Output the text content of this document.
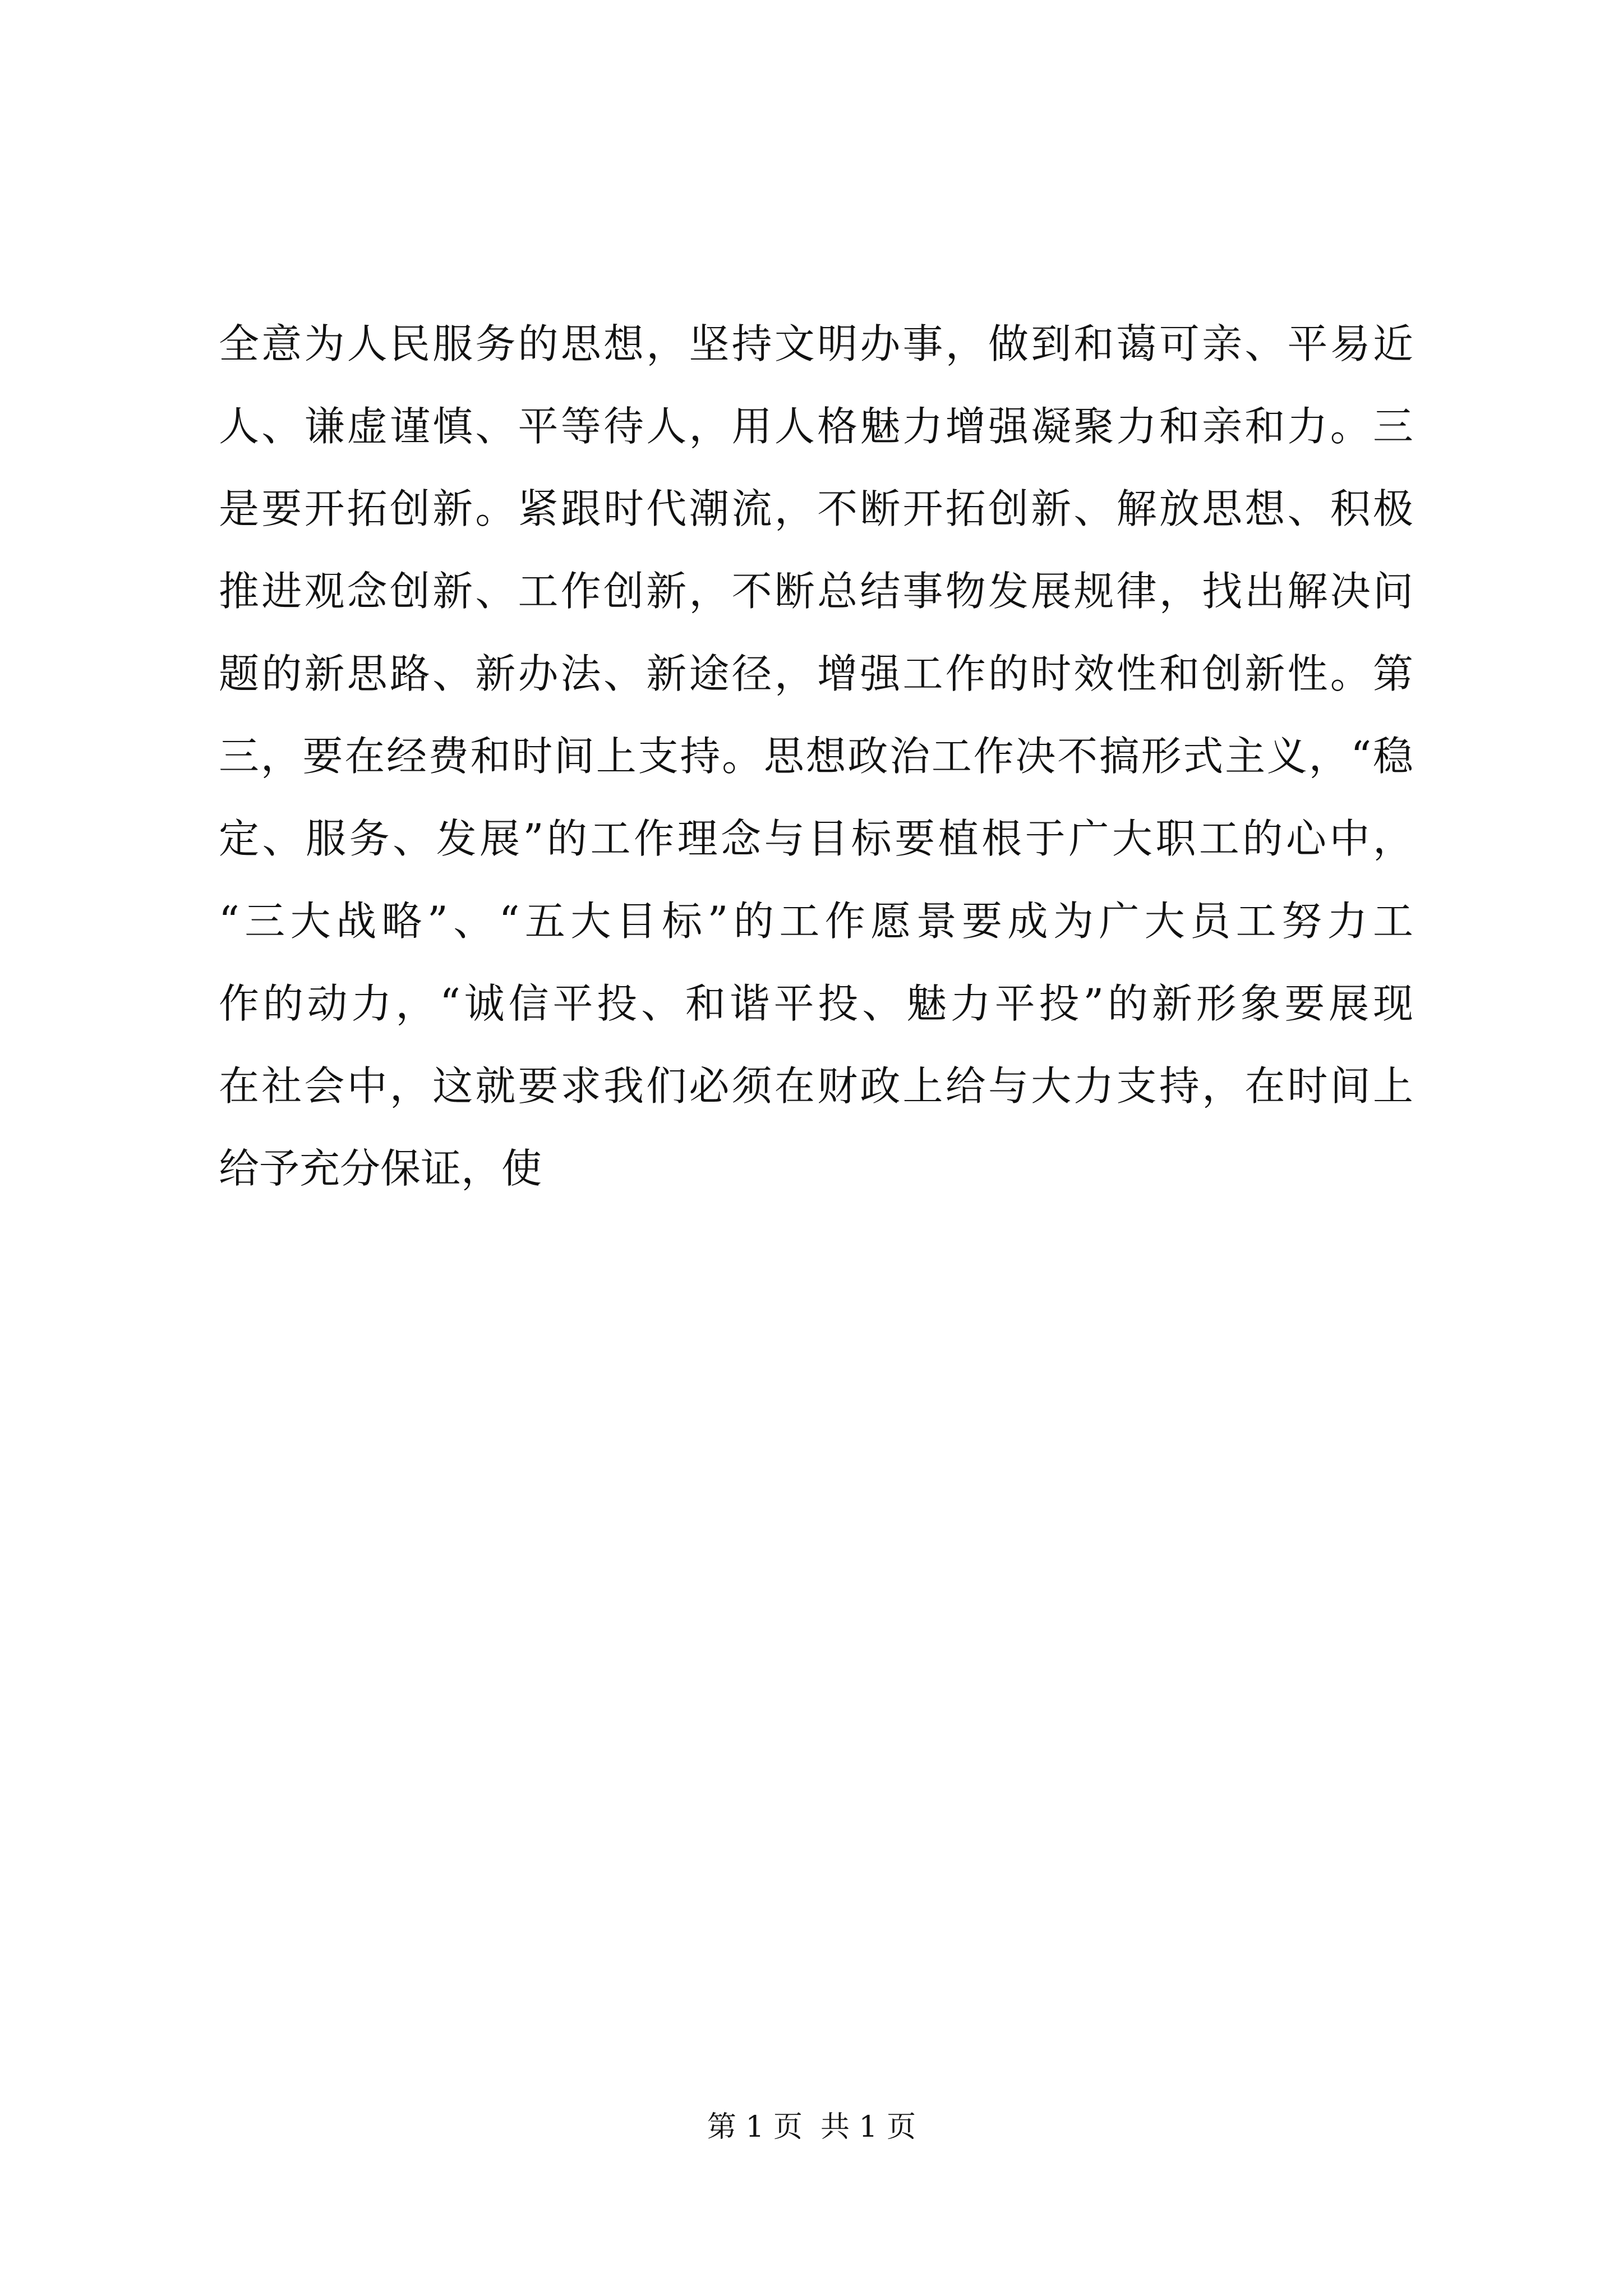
全意为人民服务的思想，坚持文明办事，做到和蔼可亲、平易近
人、谦虚谨慎、平等待人，用人格魅力增强凝聚力和亲和力。三
是要开拓创新。紧跟时代潮流，不断开拓创新、解放思想、积极
推进观念创新、工作创新，不断总结事物发展规律，找出解决问
题的新思路、新办法、新途径，增强工作的时效性和创新性。第
三，要在经费和时间上支持。思想政治工作决不搞形式主义，“稳
定、服务、发展”的工作理念与目标要植根于广大职工的心中，
“三大战略”、“五大目标”的工作愿景要成为广大员工努力工
作的动力，“诚信平投、和谐平投、魅力平投”的新形象要展现
在社会中，这就要求我们必须在财政上给与大力支持，在时间上
给予充分保证，使
第 1 页 共 1 页
